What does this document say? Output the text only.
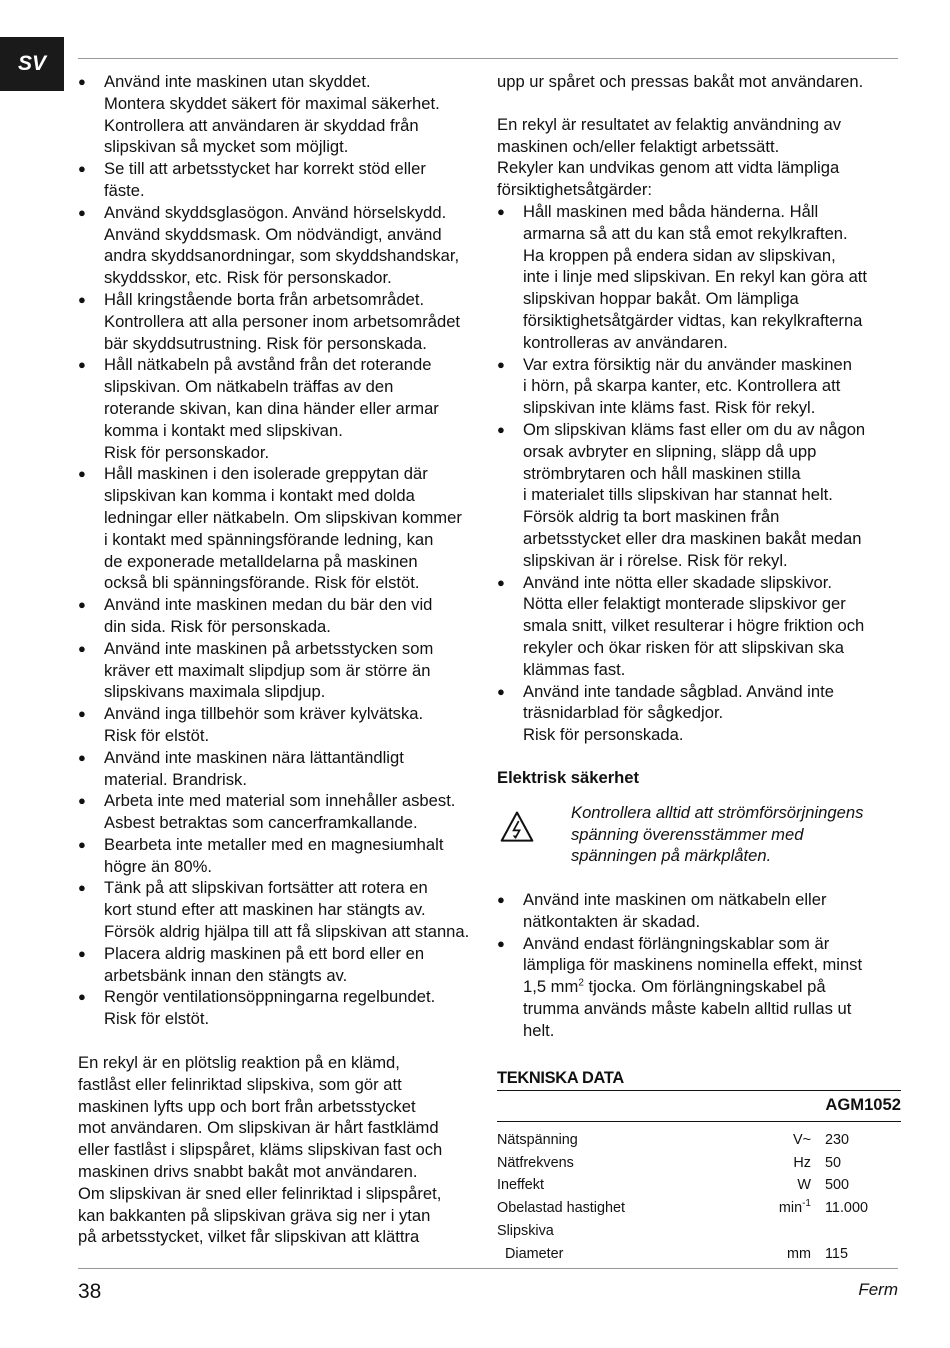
SV
● Använd inte maskinen utan skyddet.
Montera skyddet säkert för maximal säkerhet.
Kontrollera att användaren är skyddad från
slipskivan så mycket som möjligt.
● Se till att arbetsstycket har korrekt stöd eller
fäste.
● Använd skyddsglasögon. Använd hörselskydd.
Använd skyddsmask. Om nödvändigt, använd
andra skyddsanordningar, som skyddshandskar,
skyddsskor, etc. Risk för personskador.
● Håll kringstående borta från arbetsområdet.
Kontrollera att alla personer inom arbetsområdet
bär skyddsutrustning. Risk för personskada.
● Håll nätkabeln på avstånd från det roterande
slipskivan. Om nätkabeln träffas av den
roterande skivan, kan dina händer eller armar
komma i kontakt med slipskivan.
Risk för personskador.
● Håll maskinen i den isolerade greppytan där
slipskivan kan komma i kontakt med dolda
ledningar eller nätkabeln. Om slipskivan kommer
i kontakt med spänningsförande ledning, kan
de exponerade metalldelarna på maskinen
också bli spänningsförande. Risk för elstöt.
● Använd inte maskinen medan du bär den vid
din sida. Risk för personskada.
● Använd inte maskinen på arbetsstycken som
kräver ett maximalt slipdjup som är större än
slipskivans maximala slipdjup.
● Använd inga tillbehör som kräver kylvätska.
Risk för elstöt.
● Använd inte maskinen nära lättantändligt
material. Brandrisk.
● Arbeta inte med material som innehåller asbest.
Asbest betraktas som cancerframkallande.
● Bearbeta inte metaller med en magnesiumhalt
högre än 80%.
● Tänk på att slipskivan fortsätter att rotera en
kort stund efter att maskinen har stängts av.
Försök aldrig hjälpa till att få slipskivan att stanna.
● Placera aldrig maskinen på ett bord eller en
arbetsbänk innan den stängts av.
● Rengör ventilationsöppningarna regelbundet.
Risk för elstöt.

En rekyl är en plötslig reaktion på en klämd,
fastlåst eller felinriktad slipskiva, som gör att
maskinen lyfts upp och bort från arbetsstycket
mot användaren. Om slipskivan är hårt fastklämd
eller fastlåst i slipspåret, kläms slipskivan fast och
maskinen drivs snabbt bakåt mot användaren.
Om slipskivan är sned eller felinriktad i slipspåret,
kan bakkanten på slipskivan gräva sig ner i ytan
på arbetsstycket, vilket får slipskivan att klättra

upp ur spåret och pressas bakåt mot användaren.

En rekyl är resultatet av felaktig användning av
maskinen och/eller felaktigt arbetssätt.
Rekyler kan undvikas genom att vidta lämpliga
försiktighetsåtgärder:

● Håll maskinen med båda händerna. Håll
armarna så att du kan stå emot rekylkraften.
Ha kroppen på endera sidan av slipskivan,
inte i linje med slipskivan. En rekyl kan göra att
slipskivan hoppar bakåt. Om lämpliga
försiktighetsåtgärder vidtas, kan rekylkrafterna
kontrolleras av användaren.
● Var extra försiktig när du använder maskinen
i hörn, på skarpa kanter, etc. Kontrollera att
slipskivan inte kläms fast. Risk för rekyl.
● Om slipskivan kläms fast eller om du av någon
orsak avbryter en slipning, släpp då upp
strömbrytaren och håll maskinen stilla
i materialet tills slipskivan har stannat helt.
Försök aldrig ta bort maskinen från
arbetsstycket eller dra maskinen bakåt medan
slipskivan är i rörelse. Risk för rekyl.
● Använd inte nötta eller skadade slipskivor.
Nötta eller felaktigt monterade slipskivor ger
smala snitt, vilket resulterar i högre friktion och
rekyler och ökar risken för att slipskivan ska
klämmas fast.
● Använd inte tandade sågblad. Använd inte
träsnidarblad för sågkedjor.
Risk för personskada.

Elektrisk säkerhet

Kontrollera alltid att strömförsörjningens
spänning överensstämmer med
spänningen på märkplåten.
● Använd inte maskinen om nätkabeln eller
nätkontakten är skadad.
● Använd endast förlängningskablar som är
lämpliga för maskinens nominella effekt, minst
1,5 $mm^2$ tjocka. Om förlängningskabel på
trumma används måste kabeln alltid rullas ut
helt.

TEKNISKA DATA

AGM1052
Nätspänning	V~	230
Nätfrekvens	Hz	50
Ineffekt	W	500
Obelastad hastighet	$\min^{-1}$	11.000
Slipskiva		
Diameter	mm	115
38	Ferm
